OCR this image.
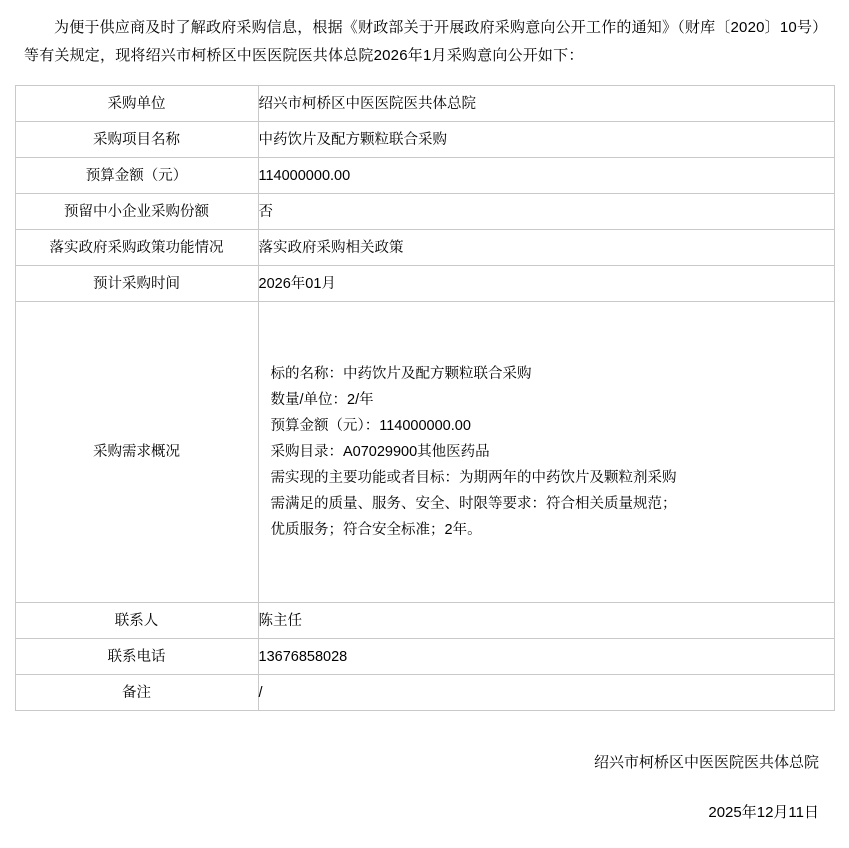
为便于供应商及时了解政府采购信息，根据《财政部关于开展政府采购意向公开工作的通知》（财库〔2020〕10号）等有关规定，现将绍兴市柯桥区中医医院医共体总院2026年1月采购意向公开如下：

采购单位	绍兴市柯桥区中医医院医共体总院
采购项目名称	中药饮片及配方颗粒联合采购
预算金额（元）	114000000.00
预留中小企业采购份额	否
落实政府采购政策功能情况	落实政府采购相关政策
预计采购时间	2026年01月
采购需求概况	
标的名称：中药饮片及配方颗粒联合采购
数量/单位：2/年
预算金额（元）：114000000.00
采购目录：A07029900其他医药品
需实现的主要功能或者目标：为期两年的中药饮片及颗粒剂采购
需满足的质量、服务、安全、时限等要求：符合相关质量规范；
优质服务；符合安全标准；2年。

联系人	陈主任
联系电话	13676858028
备注	/
绍兴市柯桥区中医医院医共体总院
2025年12月11日
